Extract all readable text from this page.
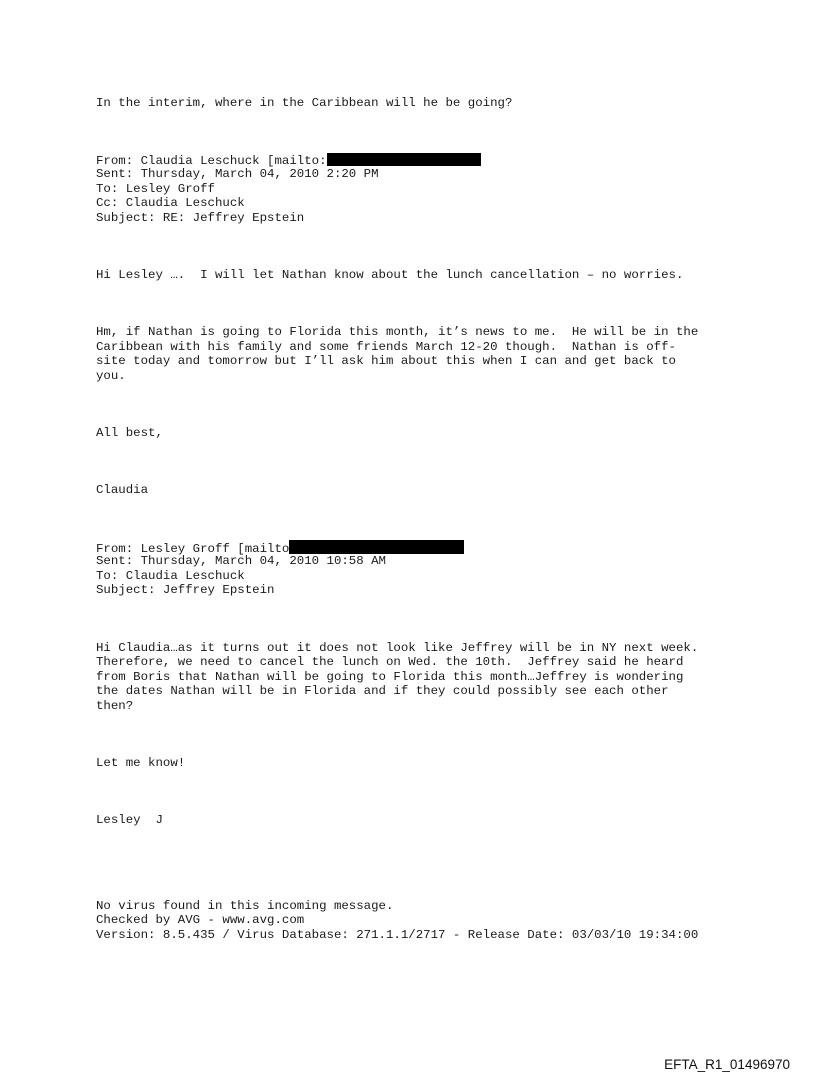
In the interim, where in the Caribbean will he be going?
From: Claudia Leschuck [mailto:
Sent: Thursday, March 04, 2010 2:20 PM
To: Lesley Groff
Cc: Claudia Leschuck
Subject: RE: Jeffrey Epstein
Hi Lesley ….  I will let Nathan know about the lunch cancellation – no worries.
Hm, if Nathan is going to Florida this month, it’s news to me.  He will be in the
Caribbean with his family and some friends March 12-20 though.  Nathan is off-
site today and tomorrow but I’ll ask him about this when I can and get back to
you.
All best,
Claudia
From: Lesley Groff [mailto
Sent: Thursday, March 04, 2010 10:58 AM
To: Claudia Leschuck
Subject: Jeffrey Epstein
Hi Claudia…as it turns out it does not look like Jeffrey will be in NY next week.
Therefore, we need to cancel the lunch on Wed. the 10th.  Jeffrey said he heard
from Boris that Nathan will be going to Florida this month…Jeffrey is wondering
the dates Nathan will be in Florida and if they could possibly see each other
then?
Let me know!
Lesley  J
No virus found in this incoming message.
Checked by AVG - www.avg.com
Version: 8.5.435 / Virus Database: 271.1.1/2717 - Release Date: 03/03/10 19:34:00
EFTA_R1_01496970
